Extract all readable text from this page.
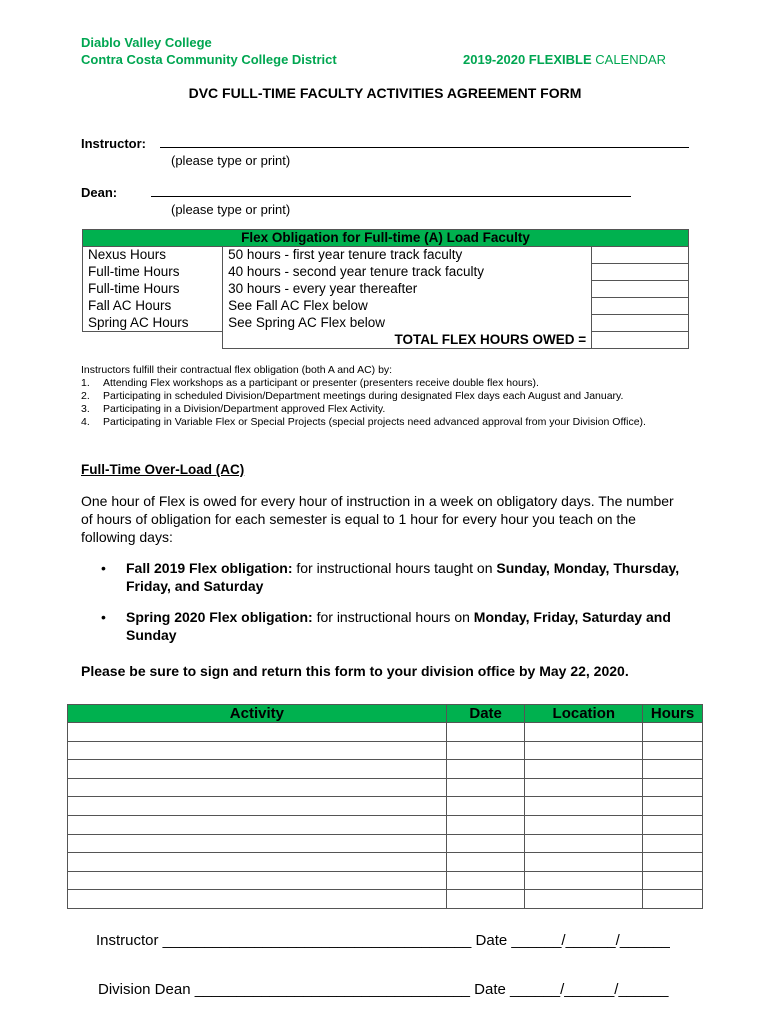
Diablo Valley College
Contra Costa Community College District	2019-2020 FLEXIBLE CALENDAR
DVC FULL-TIME FACULTY ACTIVITIES AGREEMENT FORM
Instructor:
(please type or print)
Dean:
(please type or print)
Flex Obligation for Full-time (A) Load Faculty		
Nexus Hours	50 hours - first year tenure track faculty	
Full-time Hours	40 hours - second year tenure track faculty	
Full-time Hours	30 hours - every year thereafter	
Fall AC Hours	See Fall AC Flex below	
Spring AC Hours	See Spring AC Flex below	
	TOTAL FLEX HOURS OWED =	
Instructors fulfill their contractual flex obligation (both A and AC) by:
1.	Attending Flex workshops as a participant or presenter (presenters receive double flex hours).
2.	Participating in scheduled Division/Department meetings during designated Flex days each August and January.
3.	Participating in a Division/Department approved Flex Activity.
4.	Participating in Variable Flex or Special Projects (special projects need advanced approval from your Division Office).
Full-Time Over-Load (AC)
One hour of Flex is owed for every hour of instruction in a week on obligatory days. The number of hours of obligation for each semester is equal to 1 hour for every hour you teach on the following days:
•	Fall 2019 Flex obligation: for instructional hours taught on Sunday, Monday, Thursday, Friday, and Saturday
•	Spring 2020 Flex obligation: for instructional hours on Monday, Friday, Saturday and Sunday
Please be sure to sign and return this form to your division office by May 22, 2020.
Activity	Date	Location	Hours

Instructor _____________________________________ Date ______/______/______
Division Dean _________________________________ Date ______/______/______
